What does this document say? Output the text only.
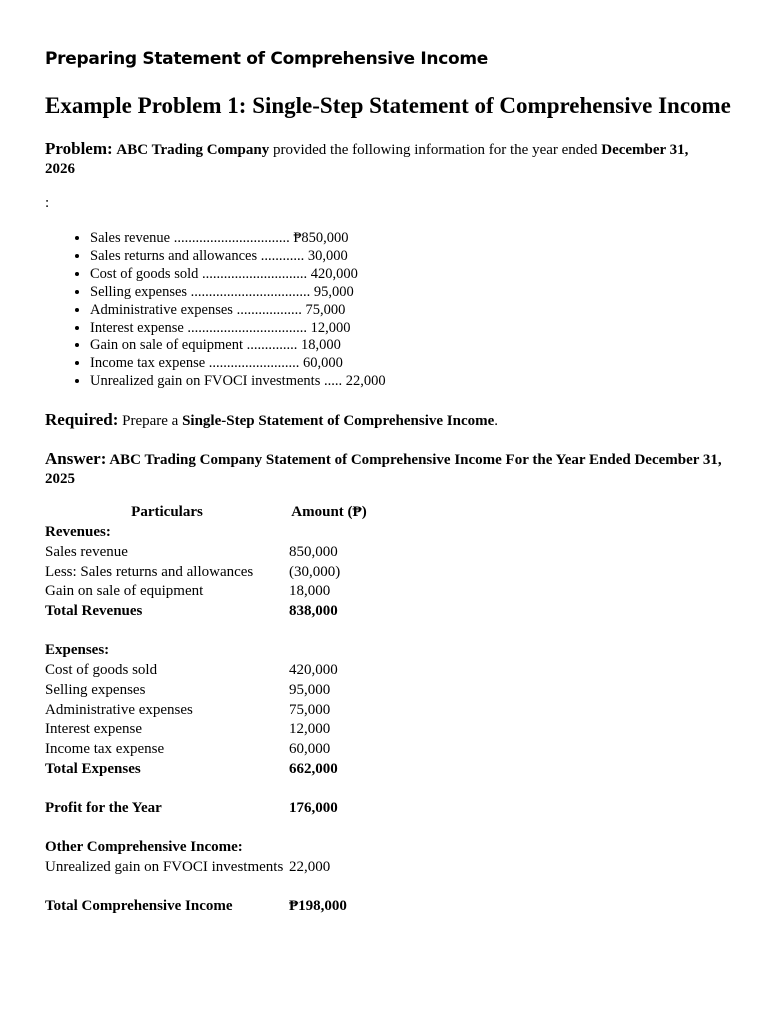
Preparing Statement of Comprehensive Income
Example Problem 1: Single-Step Statement of Comprehensive Income

Problem: ABC Trading Company provided the following information for the year ended December 31, 2026

:
• Sales revenue ................................ ₱850,000
• Sales returns and allowances ............ 30,000
• Cost of goods sold ............................. 420,000
• Selling expenses ................................. 95,000
• Administrative expenses .................. 75,000
• Interest expense ................................. 12,000
• Gain on sale of equipment .............. 18,000
• Income tax expense ......................... 60,000
• Unrealized gain on FVOCI investments ..... 22,000

Required: Prepare a Single-Step Statement of Comprehensive Income.

Answer: ABC Trading Company Statement of Comprehensive Income For the Year Ended December 31, 2025

Particulars	Amount (₱)
Revenues:	
Sales revenue	850,000
Less: Sales returns and allowances	(30,000)
Gain on sale of equipment	18,000
Total Revenues	838,000

Expenses:	
Cost of goods sold	420,000
Selling expenses	95,000
Administrative expenses	75,000
Interest expense	12,000
Income tax expense	60,000
Total Expenses	662,000

Profit for the Year	176,000

Other Comprehensive Income:	
Unrealized gain on FVOCI investments	22,000

Total Comprehensive Income	₱198,000
